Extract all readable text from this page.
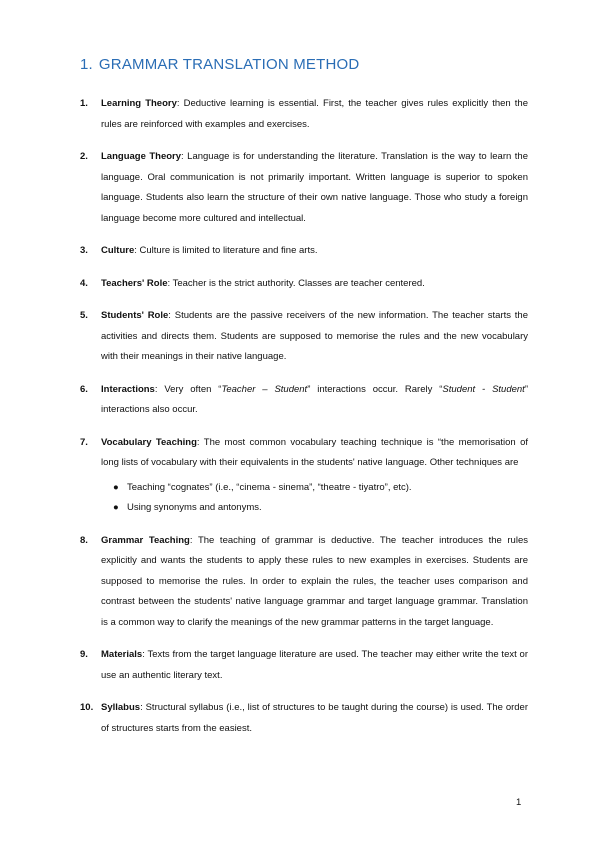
1. GRAMMAR TRANSLATION METHOD
1. Learning Theory: Deductive learning is essential. First, the teacher gives rules explicitly then the rules are reinforced with examples and exercises.
2. Language Theory: Language is for understanding the literature. Translation is the way to learn the language. Oral communication is not primarily important. Written language is superior to spoken language. Students also learn the structure of their own native language. Those who study a foreign language become more cultured and intellectual.
3. Culture: Culture is limited to literature and fine arts.
4. Teachers' Role: Teacher is the strict authority. Classes are teacher centered.
5. Students' Role: Students are the passive receivers of the new information. The teacher starts the activities and directs them. Students are supposed to memorise the rules and the new vocabulary with their meanings in their native language.
6. Interactions: Very often “Teacher – Student” interactions occur. Rarely “Student - Student” interactions also occur.
7. Vocabulary Teaching: The most common vocabulary teaching technique is “the memorisation of long lists of vocabulary with their equivalents in the students' native language. Other techniques are
● Teaching “cognates” (i.e., “cinema - sinema”, “theatre - tiyatro”, etc).
● Using synonyms and antonyms.
8. Grammar Teaching: The teaching of grammar is deductive. The teacher introduces the rules explicitly and wants the students to apply these rules to new examples in exercises. Students are supposed to memorise the rules. In order to explain the rules, the teacher uses comparison and contrast between the students' native language grammar and target language grammar. Translation is a common way to clarify the meanings of the new grammar patterns in the target language.
9. Materials: Texts from the target language literature are used. The teacher may either write the text or use an authentic literary text.
10. Syllabus: Structural syllabus (i.e., list of structures to be taught during the course) is used. The order of structures starts from the easiest.
1
